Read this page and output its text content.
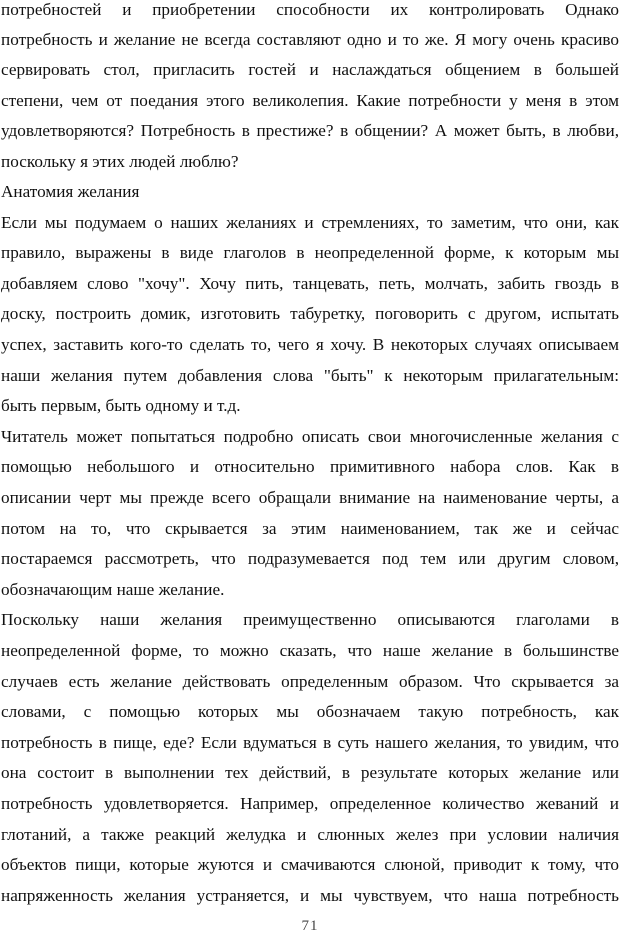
потребностей и приобретении способности их контролировать Однако
потребность и желание не всегда составляют одно и то же. Я могу очень красиво
сервировать стол, пригласить гостей и наслаждаться общением в большей
степени, чем от поедания этого великолепия. Какие потребности у меня в этом
удовлетворяются? Потребность в престиже? в общении? А может быть, в любви,
поскольку я этих людей люблю?
Анатомия желания
Если мы подумаем о наших желаниях и стремлениях, то заметим, что они, как
правило, выражены в виде глаголов в неопределенной форме, к которым мы
добавляем слово "хочу". Хочу пить, танцевать, петь, молчать, забить гвоздь в
доску, построить домик, изготовить табуретку, поговорить с другом, испытать
успех, заставить кого-то сделать то, чего я хочу. В некоторых случаях описываем
наши желания путем добавления слова "быть" к некоторым прилагательным:
быть первым, быть одному и т.д.
Читатель может попытаться подробно описать свои многочисленные желания с
помощью небольшого и относительно примитивного набора слов. Как в
описании черт мы прежде всего обращали внимание на наименование черты, а
потом на то, что скрывается за этим наименованием, так же и сейчас
постараемся рассмотреть, что подразумевается под тем или другим словом,
обозначающим наше желание.
Поскольку наши желания преимущественно описываются глаголами в
неопределенной форме, то можно сказать, что наше желание в большинстве
случаев есть желание действовать определенным образом. Что скрывается за
словами, с помощью которых мы обозначаем такую потребность, как
потребность в пище, еде? Если вдуматься в суть нашего желания, то увидим, что
она состоит в выполнении тех действий, в результате которых желание или
потребность удовлетворяется. Например, определенное количество жеваний и
глотаний, а также реакций желудка и слюнных желез при условии наличия
объектов пищи, которые жуются и смачиваются слюной, приводит к тому, что
напряженность желания устраняется, и мы чувствуем, что наша потребность
71
